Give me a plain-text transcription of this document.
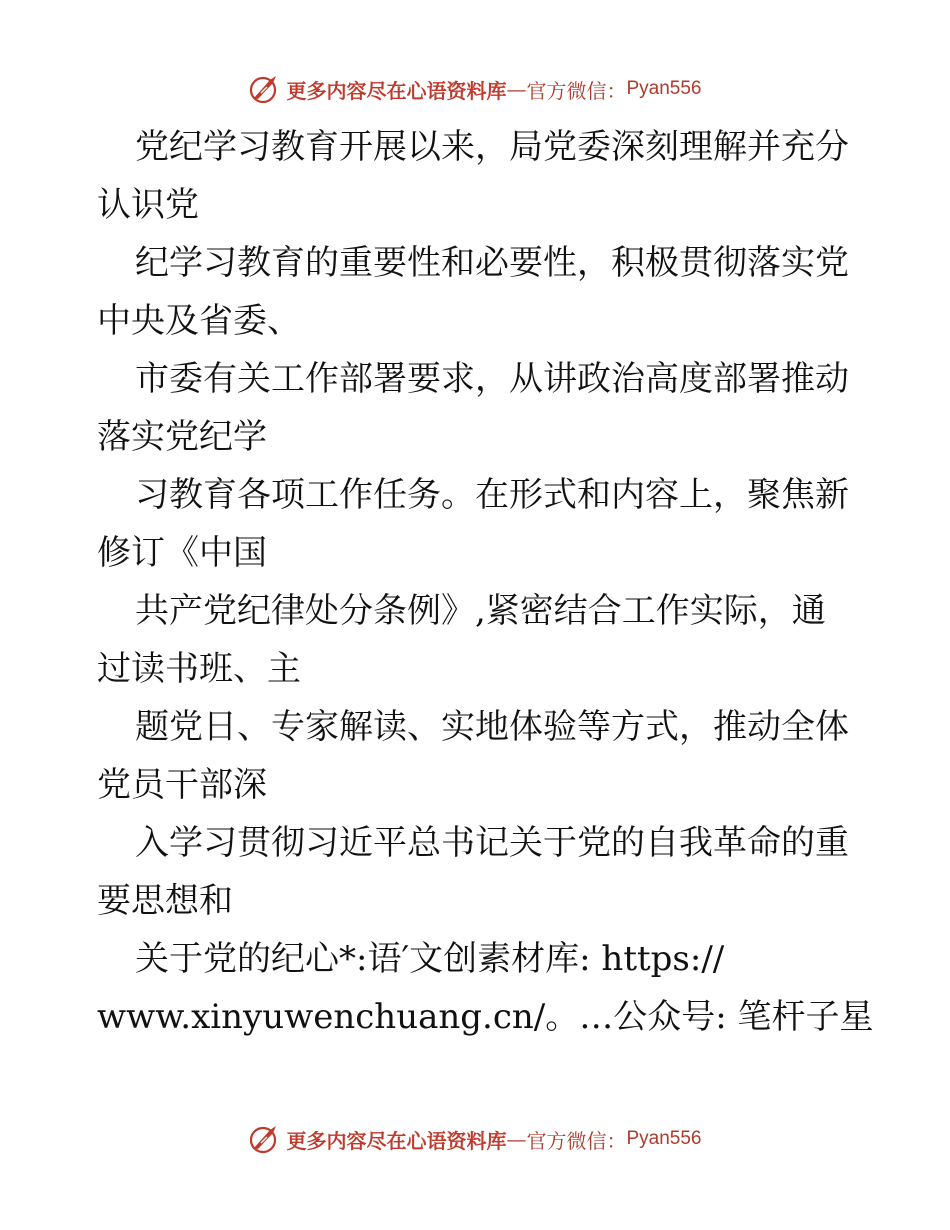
更多内容尽在心语资料库 — 官方微信： Pyan556
党纪学习教育开展以来，局党委深刻理解并充分
认识党
纪学习教育的重要性和必要性，积极贯彻落实党
中央及省委、
市委有关工作部署要求，从讲政治高度部署推动
落实党纪学
习教育各项工作任务。在形式和内容上，聚焦新
修订《中国
共产党纪律处分条例》,紧密结合工作实际，通
过读书班、主
题党日、专家解读、实地体验等方式，推动全体
党员干部深
入学习贯彻习近平总书记关于党的自我革命的重
要思想和
关于党的纪心*:语′文创素材库: https://
www.xinyuwenchuang.cn/。…公众号: 笔杆子星
更多内容尽在心语资料库 — 官方微信： Pyan556
